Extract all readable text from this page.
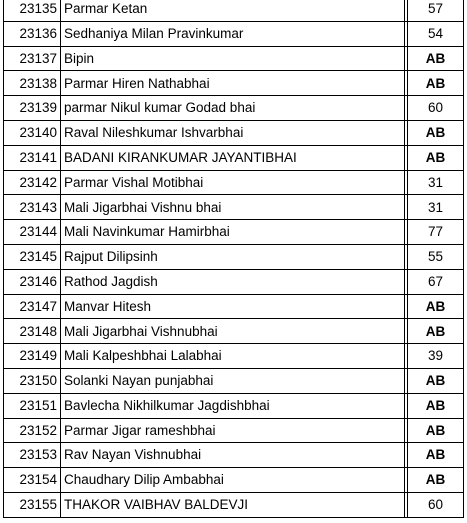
23135	Parmar Ketan		57
23136	Sedhaniya Milan Pravinkumar		54
23137	Bipin		AB
23138	Parmar Hiren Nathabhai		AB
23139	parmar Nikul kumar Godad bhai		60
23140	Raval Nileshkumar Ishvarbhai		AB
23141	BADANI KIRANKUMAR JAYANTIBHAI		AB
23142	Parmar Vishal Motibhai		31
23143	Mali Jigarbhai Vishnu bhai		31
23144	Mali Navinkumar Hamirbhai		77
23145	Rajput Dilipsinh		55
23146	Rathod Jagdish		67
23147	Manvar Hitesh		AB
23148	Mali Jigarbhai Vishnubhai		AB
23149	Mali Kalpeshbhai Lalabhai		39
23150	Solanki Nayan punjabhai		AB
23151	Bavlecha Nikhilkumar Jagdishbhai		AB
23152	Parmar Jigar rameshbhai		AB
23153	Rav Nayan Vishnubhai		AB
23154	Chaudhary Dilip Ambabhai		AB
23155	THAKOR VAIBHAV BALDEVJI		60
